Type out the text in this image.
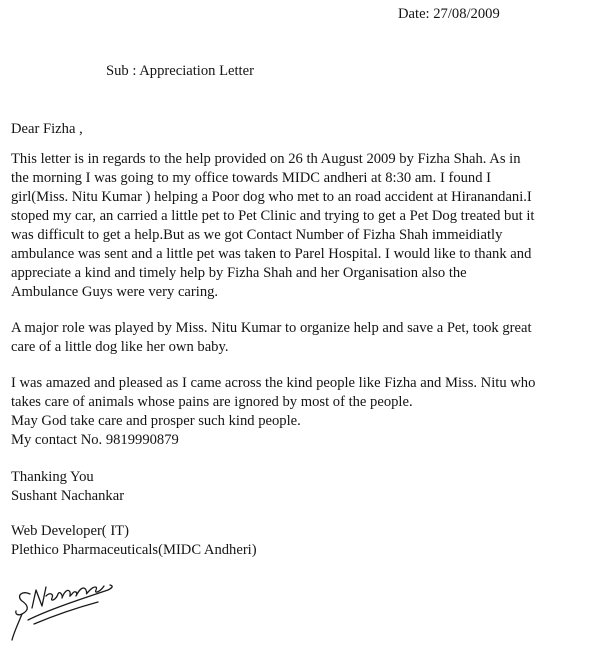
Date: 27/08/2009
Sub : Appreciation Letter
Dear Fizha ,
This letter is in regards to the help provided on 26 th August 2009 by Fizha Shah. As in
the morning I was going to my office towards MIDC andheri at 8:30 am. I found I
girl(Miss. Nitu Kumar ) helping a Poor dog who met to an road accident at Hiranandani.I
stoped my car, an carried a little pet to Pet Clinic and trying to get a Pet Dog treated but it
was difficult to get a help.But as we got Contact Number of Fizha Shah immeidiatly
ambulance was sent and a little pet was taken to Parel Hospital. I would like to thank and
appreciate a kind and timely help by Fizha Shah and her Organisation also the
Ambulance Guys were very caring.
A major role was played by Miss. Nitu Kumar to organize help and save a Pet, took great
care of a little dog like her own baby.
I was amazed and pleased as I came across the kind people like Fizha and Miss. Nitu who
takes care of animals whose pains are ignored by most of the people.
May God take care and prosper such kind people.
My contact No. 9819990879
Thanking You
Sushant Nachankar
Web Developer( IT)
Plethico Pharmaceuticals(MIDC Andheri)
